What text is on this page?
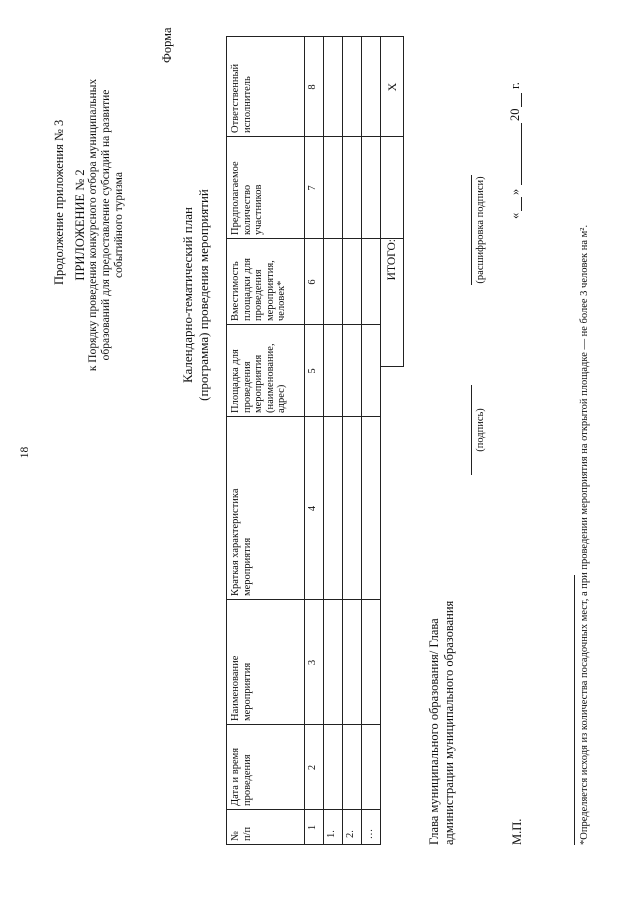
18
Продолжение приложения № 3 ПРИЛОЖЕНИЕ № 2 к Порядку проведения конкурсного отбора муниципальных образований для предоставление субсидий на развитие событийного туризма
Форма
Календарно-тематический план (программа) проведения мероприятий
№
п/п
Дата и время
проведения
Наименование
мероприятия
Краткая характеристика
мероприятия
Площадка для
проведения
мероприятия
(наименование,
адрес)
Вместимость
площадки для
проведения
мероприятия,
человек*
Предполагаемое
количество
участников
Ответственный
исполнитель
1
2
3
4
5
6
7
8
1. 2. …
ИТОГО:
X
Глава муниципального образования/ Глава администрации муниципального образования
(подпись)
(расшифровка подписи)
М.П.
«
»
20
г.
*Определяется исходя из количества посадочных мест, а при проведении мероприятия на открытой площадке — не более 3 человек на м².
